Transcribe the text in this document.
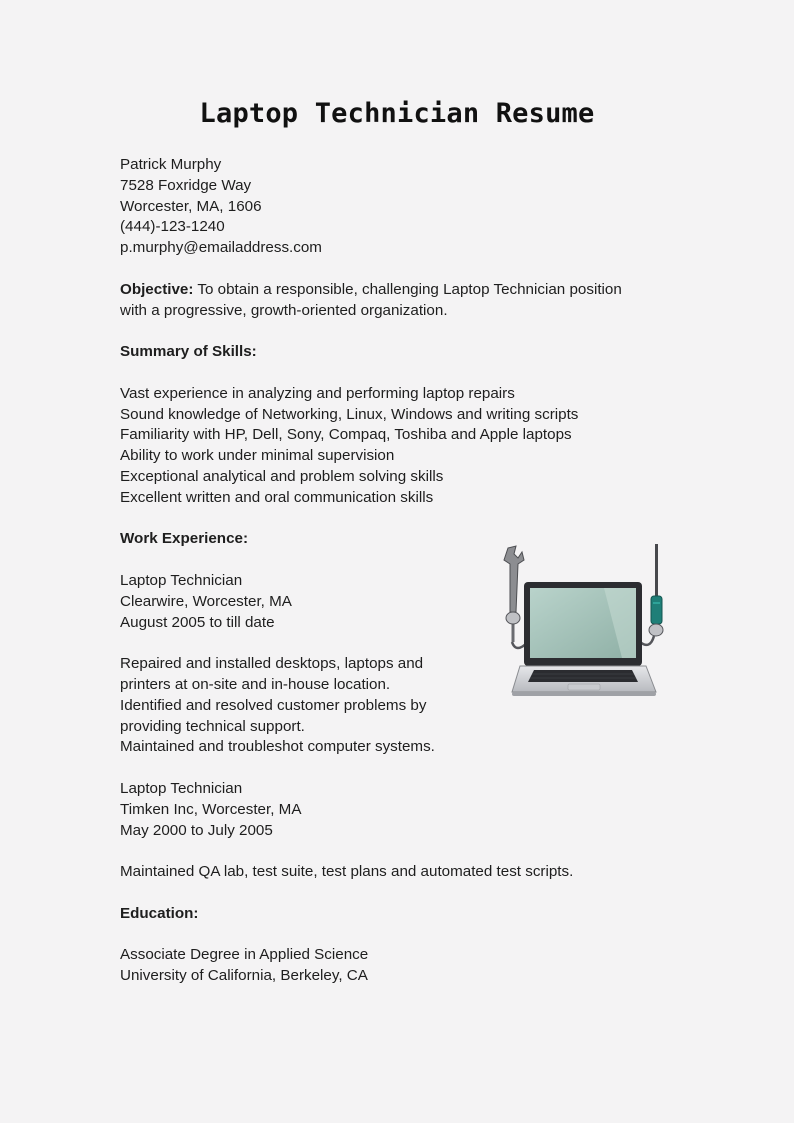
Laptop Technician Resume
Patrick Murphy
7528 Foxridge Way
Worcester, MA, 1606
(444)-123-1240
p.murphy@emailaddress.com
Objective: To obtain a responsible, challenging Laptop Technician position
with a progressive, growth-oriented organization.
Summary of Skills:
Vast experience in analyzing and performing laptop repairs
Sound knowledge of Networking, Linux, Windows and writing scripts
Familiarity with HP, Dell, Sony, Compaq, Toshiba and Apple laptops
Ability to work under minimal supervision
Exceptional analytical and problem solving skills
Excellent written and oral communication skills
Work Experience:
Laptop Technician
Clearwire, Worcester, MA
August 2005 to till date
Repaired and installed desktops, laptops and
printers at on-site and in-house location.
Identified and resolved customer problems by
providing technical support.
Maintained and troubleshot computer systems.
Laptop Technician
Timken Inc, Worcester, MA
May 2000 to July 2005
Maintained QA lab, test suite, test plans and automated test scripts.
Education:
Associate Degree in Applied Science
University of California, Berkeley, CA
